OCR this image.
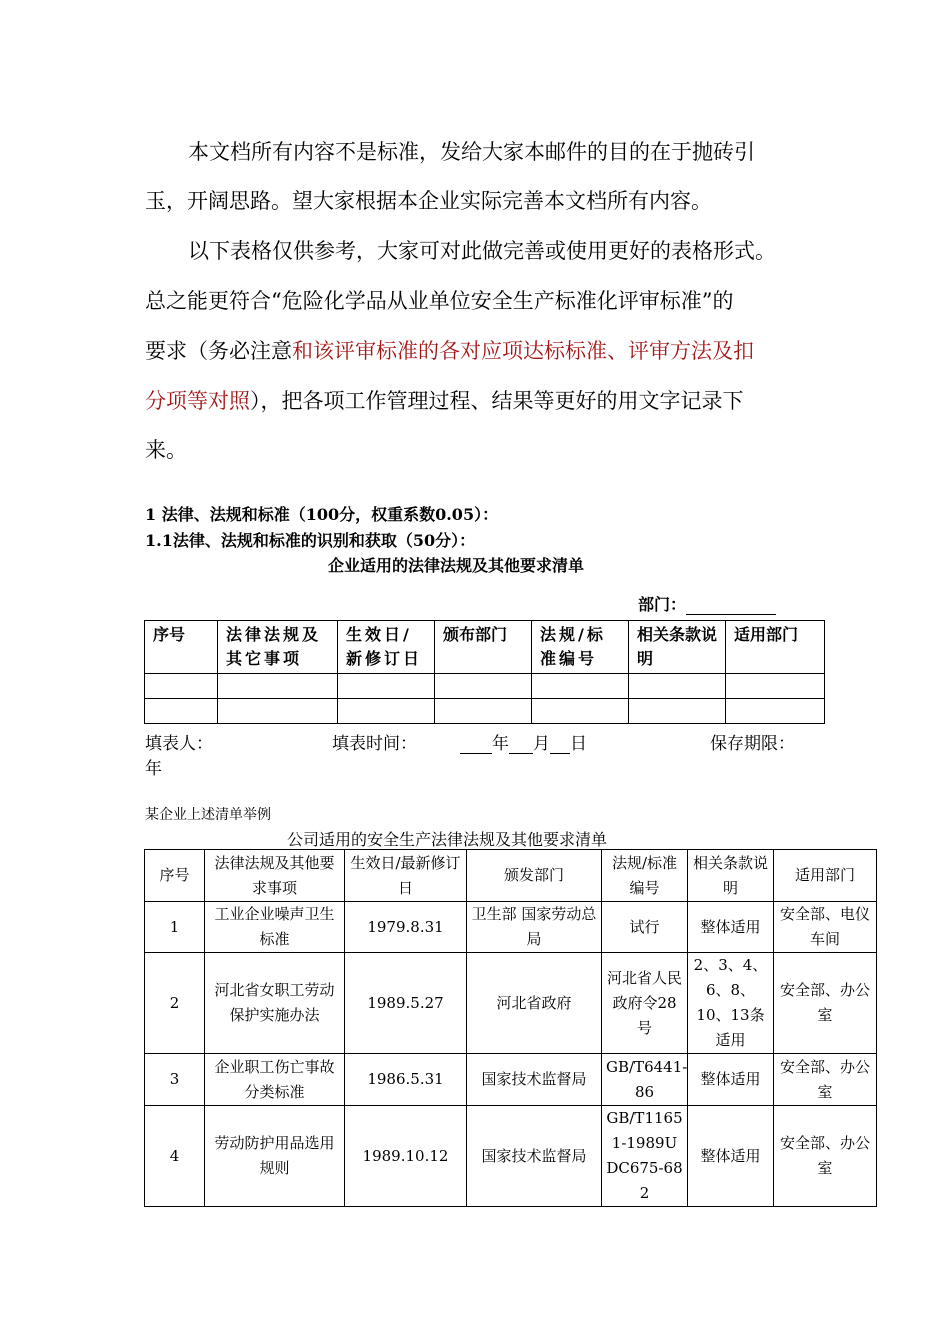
本文档所有内容不是标准，发给大家本邮件的目的在于抛砖引
玉，开阔思路。望大家根据本企业实际完善本文档所有内容。
以下表格仅供参考，大家可对此做完善或使用更好的表格形式。
总之能更符合“危险化学品从业单位安全生产标准化评审标准”的
要求（务必注意和该评审标准的各对应项达标标准、评审方法及扣
分项等对照），把各项工作管理过程、结果等更好的用文字记录下
来。
1 法律、法规和标准（100分，权重系数0.05）：
1.1法律、法规和标准的识别和获取（50分）：
企业适用的法律法规及其他要求清单
部门：
序号	法律法规及其它事项	生效日/新修订日	颁布部门	法规/标准编号	相关条款说明	适用部门

填表人：	填表时间：	年 月 日	保存期限：
年
某企业上述清单举例
公司适用的安全生产法律法规及其他要求清单
序号	法律法规及其他要求事项	生效日/最新修订日	颁发部门	法规/标准编号	相关条款说明	适用部门
1	工业企业噪声卫生标准	1979.8.31	卫生部 国家劳动总局	试行	整体适用	安全部、电仪车间
2	河北省女职工劳动保护实施办法	1989.5.27	河北省政府	河北省人民政府令28号	2、3、4、6、8、10、13条适用	安全部、办公室
3	企业职工伤亡事故分类标准	1986.5.31	国家技术监督局	GB/T6441-86	整体适用	安全部、办公室
4	劳动防护用品选用规则	1989.10.12	国家技术监督局	GB/T11651-1989UDC675-682	整体适用	安全部、办公室
